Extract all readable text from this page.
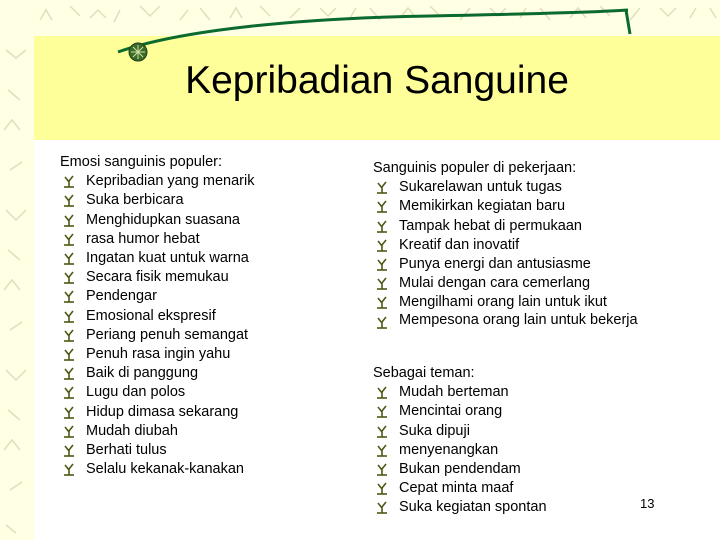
Kepribadian Sanguine

Emosi sanguinis populer:

Kepribadian yang menarik
Suka berbicara
Menghidupkan suasana
rasa humor hebat
Ingatan kuat untuk warna
Secara fisik memukau
Pendengar
Emosional ekspresif
Periang penuh semangat
Penuh rasa ingin yahu
Baik di panggung
Lugu dan polos
Hidup dimasa sekarang
Mudah diubah
Berhati tulus
Selalu kekanak-kanakan

Sanguinis populer di pekerjaan:

Sukarelawan untuk tugas
Memikirkan kegiatan baru
Tampak hebat di permukaan
Kreatif dan inovatif
Punya energi dan antusiasme
Mulai dengan cara cemerlang
Mengilhami orang lain untuk ikut
Mempesona orang lain untuk bekerja

Sebagai teman:

Mudah berteman
Mencintai orang
Suka dipuji
menyenangkan
Bukan pendendam
Cepat minta maaf
Suka kegiatan spontan	13
